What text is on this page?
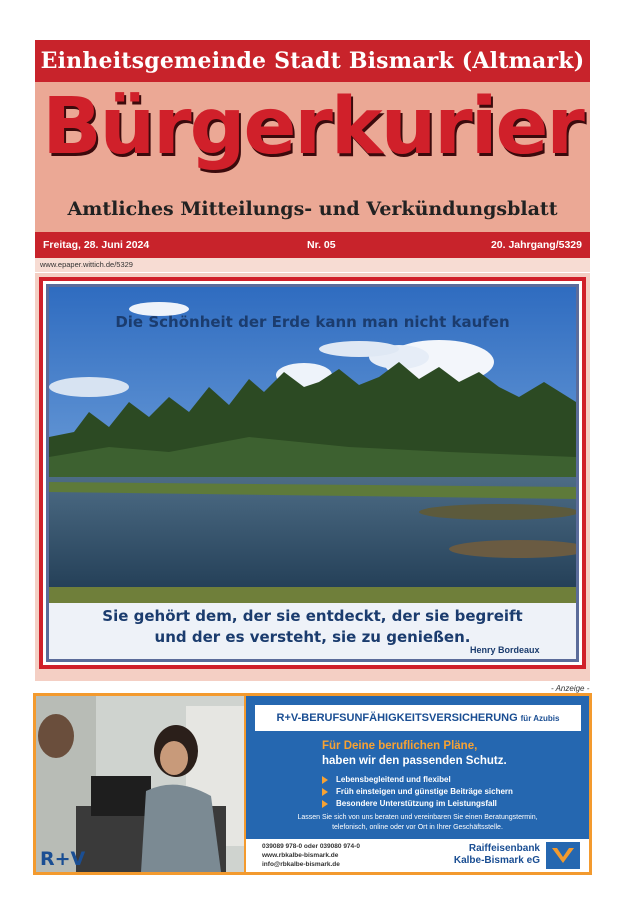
Einheitsgemeinde Stadt Bismark (Altmark)
Bürgerkurier
Amtliches Mitteilungs- und Verkündungsblatt
Freitag, 28. Juni 2024	Nr. 05	20. Jahrgang/5329
www.epaper.wittich.de/5329
Die Schönheit der Erde kann man nicht kaufen
Sie gehört dem, der sie entdeckt, der sie begreift
und der es versteht, sie zu genießen.
Henry Bordeaux
- Anzeige -
R+V
R+V-BERUFSUNFÄHIGKEITSVERSICHERUNG für Azubis
Für Deine beruflichen Pläne,
haben wir den passenden Schutz.
Lebensbegleitend und flexibel
Früh einsteigen und günstige Beiträge sichern
Besondere Unterstützung im Leistungsfall
Lassen Sie sich von uns beraten und vereinbaren Sie einen Beratungstermin,
telefonisch, online oder vor Ort in Ihrer Geschäftsstelle.
039089 978-0 oder 039080 974-0
www.rbkalbe-bismark.de
info@rbkalbe-bismark.de
Raiffeisenbank
Kalbe-Bismark eG
